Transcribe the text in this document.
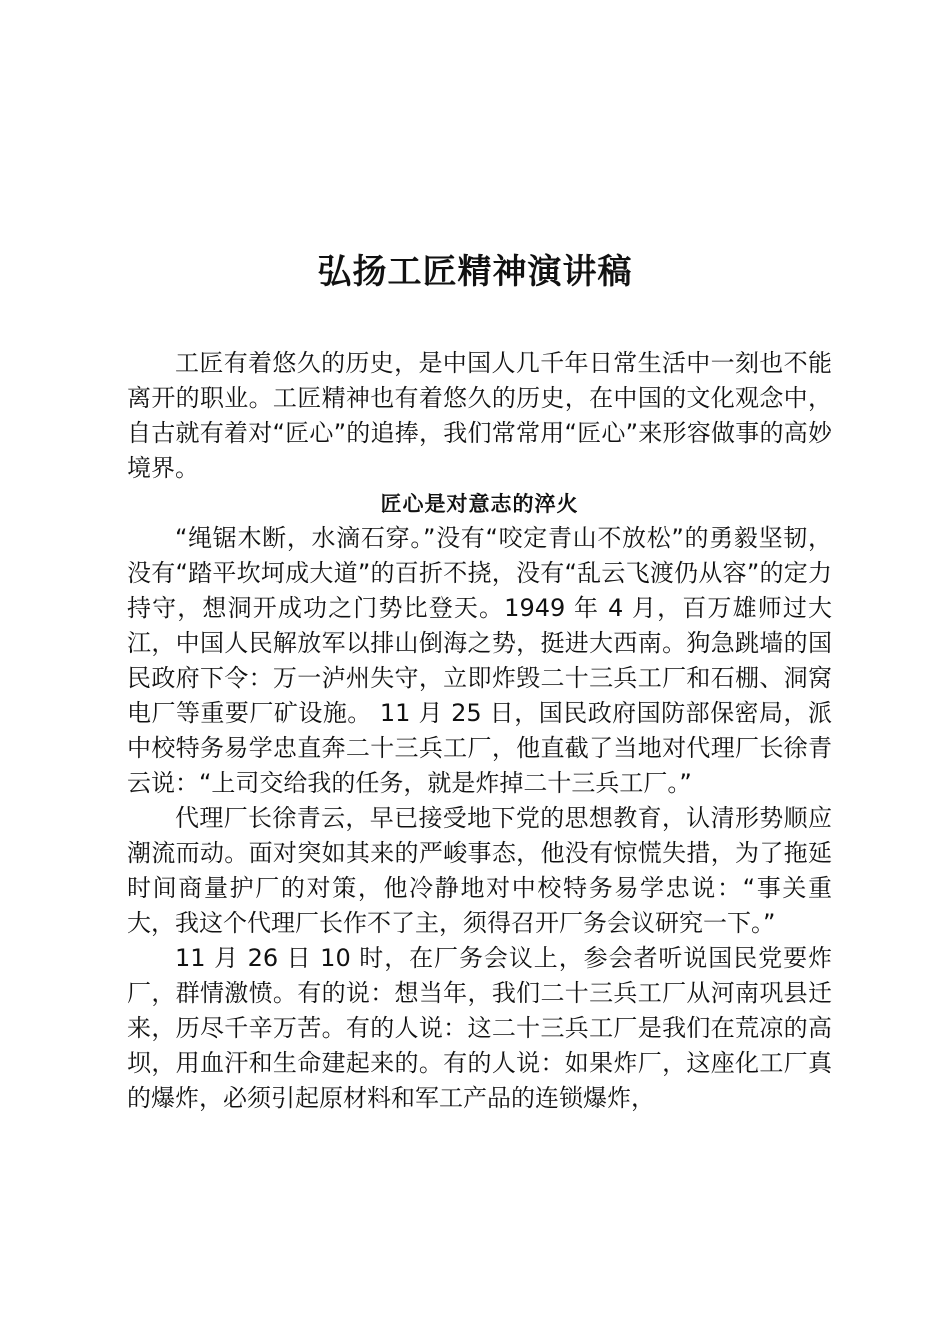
弘扬工匠精神演讲稿

工匠有着悠久的历史，是中国人几千年日常生活中一刻也不能离开的职业。工匠精神也有着悠久的历史，在中国的文化观念中，自古就有着对“匠心”的追捧，我们常常用“匠心”来形容做事的高妙境界。

匠心是对意志的淬火

“绳锯木断，水滴石穿。”没有“咬定青山不放松”的勇毅坚韧，没有“踏平坎坷成大道”的百折不挠，没有“乱云飞渡仍从容”的定力持守，想洞开成功之门势比登天。1949 年 4 月，百万雄师过大江，中国人民解放军以排山倒海之势，挺进大西南。狗急跳墙的国民政府下令：万一泸州失守，立即炸毁二十三兵工厂和石棚、洞窝电厂等重要厂矿设施。 11 月 25 日，国民政府国防部保密局，派中校特务易学忠直奔二十三兵工厂，他直截了当地对代理厂长徐青云说：“上司交给我的任务，就是炸掉二十三兵工厂。”

代理厂长徐青云，早已接受地下党的思想教育，认清形势顺应潮流而动。面对突如其来的严峻事态，他没有惊慌失措，为了拖延时间商量护厂的对策，他冷静地对中校特务易学忠说：“事关重大，我这个代理厂长作不了主，须得召开厂务会议研究一下。”

11 月 26 日 10 时，在厂务会议上，参会者听说国民党要炸厂，群情激愤。有的说：想当年，我们二十三兵工厂从河南巩县迁来，历尽千辛万苦。有的人说：这二十三兵工厂是我们在荒凉的高坝，用血汗和生命建起来的。有的人说：如果炸厂，这座化工厂真的爆炸，必须引起原材料和军工产品的连锁爆炸，
